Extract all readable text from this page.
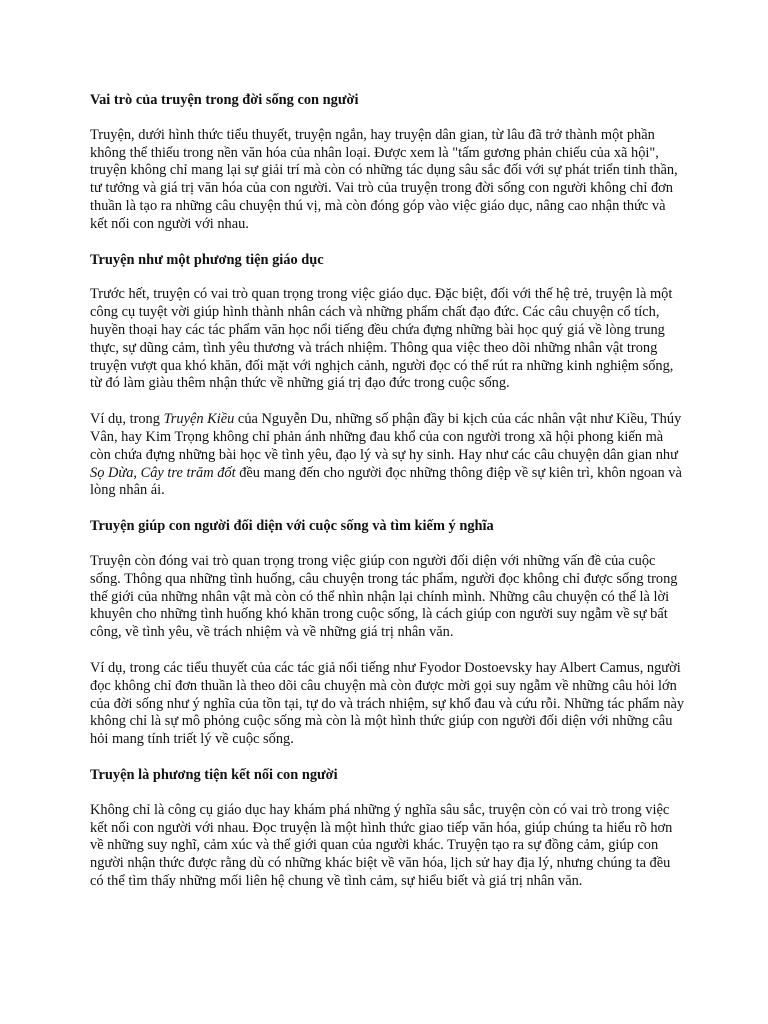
Vai trò của truyện trong đời sống con người

Truyện, dưới hình thức tiểu thuyết, truyện ngắn, hay truyện dân gian, từ lâu đã trở thành một phần không thể thiếu trong nền văn hóa của nhân loại. Được xem là "tấm gương phản chiếu của xã hội", truyện không chỉ mang lại sự giải trí mà còn có những tác dụng sâu sắc đối với sự phát triển tinh thần, tư tưởng và giá trị văn hóa của con người. Vai trò của truyện trong đời sống con người không chỉ đơn thuần là tạo ra những câu chuyện thú vị, mà còn đóng góp vào việc giáo dục, nâng cao nhận thức và kết nối con người với nhau.

Truyện như một phương tiện giáo dục

Trước hết, truyện có vai trò quan trọng trong việc giáo dục. Đặc biệt, đối với thế hệ trẻ, truyện là một công cụ tuyệt vời giúp hình thành nhân cách và những phẩm chất đạo đức. Các câu chuyện cổ tích, huyền thoại hay các tác phẩm văn học nổi tiếng đều chứa đựng những bài học quý giá về lòng trung thực, sự dũng cảm, tình yêu thương và trách nhiệm. Thông qua việc theo dõi những nhân vật trong truyện vượt qua khó khăn, đối mặt với nghịch cảnh, người đọc có thể rút ra những kinh nghiệm sống, từ đó làm giàu thêm nhận thức về những giá trị đạo đức trong cuộc sống.

Ví dụ, trong Truyện Kiều của Nguyễn Du, những số phận đầy bi kịch của các nhân vật như Kiều, Thúy Vân, hay Kim Trọng không chỉ phản ánh những đau khổ của con người trong xã hội phong kiến mà còn chứa đựng những bài học về tình yêu, đạo lý và sự hy sinh. Hay như các câu chuyện dân gian như Sọ Dừa, Cây tre trăm đốt đều mang đến cho người đọc những thông điệp về sự kiên trì, khôn ngoan và lòng nhân ái.

Truyện giúp con người đối diện với cuộc sống và tìm kiếm ý nghĩa

Truyện còn đóng vai trò quan trọng trong việc giúp con người đối diện với những vấn đề của cuộc sống. Thông qua những tình huống, câu chuyện trong tác phẩm, người đọc không chỉ được sống trong thế giới của những nhân vật mà còn có thể nhìn nhận lại chính mình. Những câu chuyện có thể là lời khuyên cho những tình huống khó khăn trong cuộc sống, là cách giúp con người suy ngẫm về sự bất công, về tình yêu, về trách nhiệm và về những giá trị nhân văn.

Ví dụ, trong các tiểu thuyết của các tác giả nổi tiếng như Fyodor Dostoevsky hay Albert Camus, người đọc không chỉ đơn thuần là theo dõi câu chuyện mà còn được mời gọi suy ngẫm về những câu hỏi lớn của đời sống như ý nghĩa của tồn tại, tự do và trách nhiệm, sự khổ đau và cứu rỗi. Những tác phẩm này không chỉ là sự mô phỏng cuộc sống mà còn là một hình thức giúp con người đối diện với những câu hỏi mang tính triết lý về cuộc sống.

Truyện là phương tiện kết nối con người

Không chỉ là công cụ giáo dục hay khám phá những ý nghĩa sâu sắc, truyện còn có vai trò trong việc kết nối con người với nhau. Đọc truyện là một hình thức giao tiếp văn hóa, giúp chúng ta hiểu rõ hơn về những suy nghĩ, cảm xúc và thế giới quan của người khác. Truyện tạo ra sự đồng cảm, giúp con người nhận thức được rằng dù có những khác biệt về văn hóa, lịch sử hay địa lý, nhưng chúng ta đều có thể tìm thấy những mối liên hệ chung về tình cảm, sự hiểu biết và giá trị nhân văn.
